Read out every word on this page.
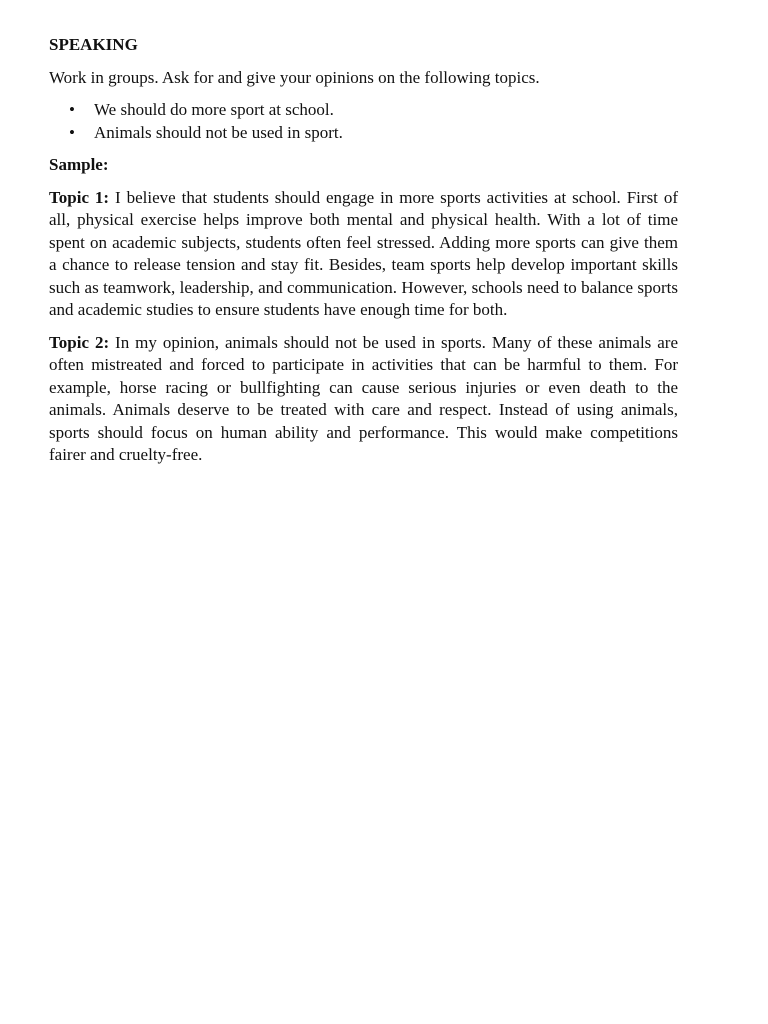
SPEAKING

Work in groups. Ask for and give your opinions on the following topics.

• We should do more sport at school.
• Animals should not be used in sport.

Sample:

Topic 1: I believe that students should engage in more sports activities at school. First of all, physical exercise helps improve both mental and physical health. With a lot of time spent on academic subjects, students often feel stressed. Adding more sports can give them a chance to release tension and stay fit. Besides, team sports help develop important skills such as teamwork, leadership, and communication. However, schools need to balance sports and academic studies to ensure students have enough time for both.

Topic 2: In my opinion, animals should not be used in sports. Many of these animals are often mistreated and forced to participate in activities that can be harmful to them. For example, horse racing or bullfighting can cause serious injuries or even death to the animals. Animals deserve to be treated with care and respect. Instead of using animals, sports should focus on human ability and performance. This would make competitions fairer and cruelty-free.
